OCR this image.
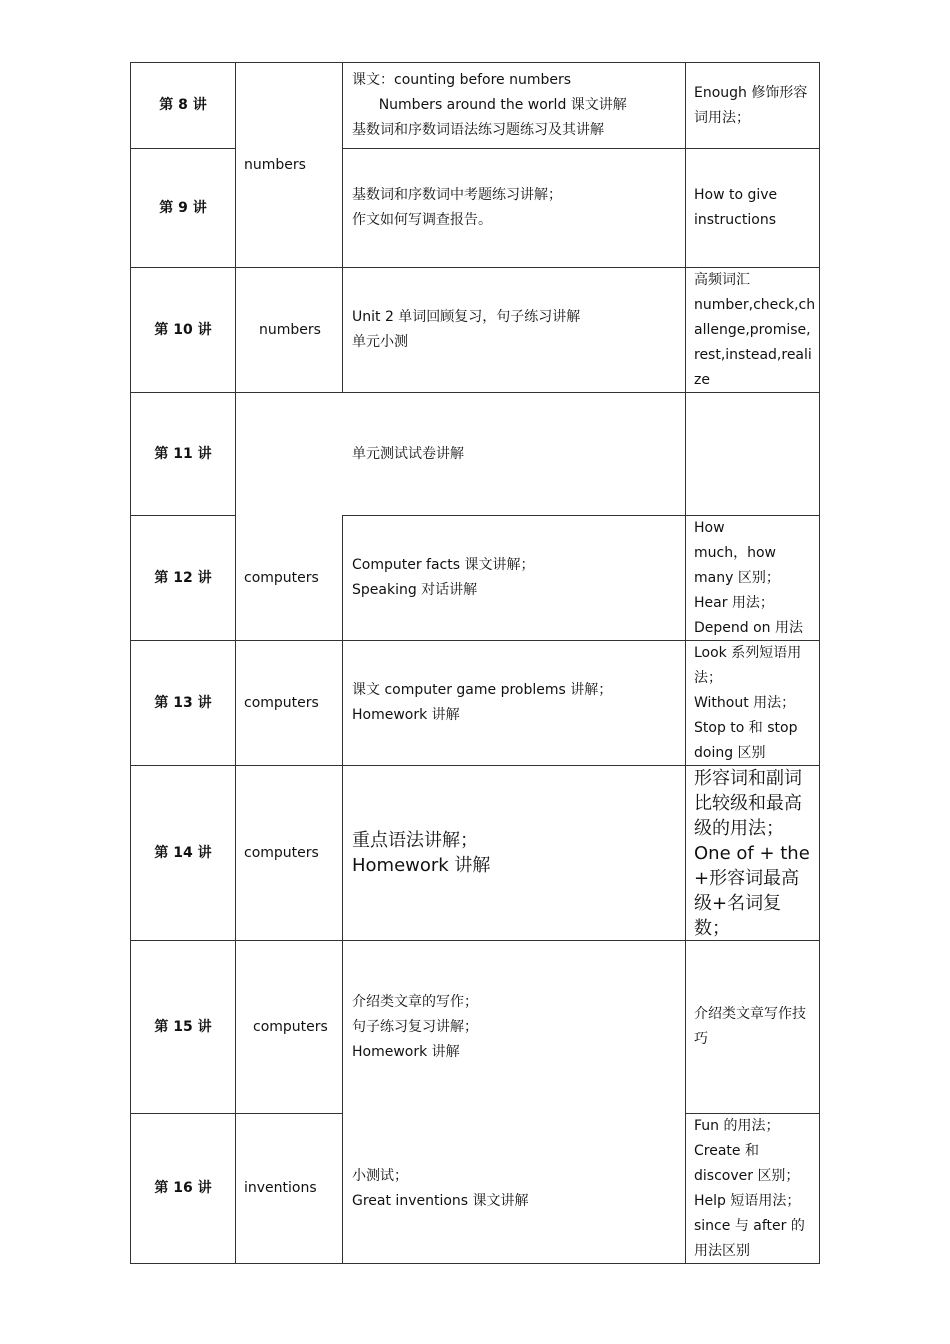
第 8 讲
第 9 讲
第 10 讲
第 11 讲
第 12 讲
第 13 讲
第 14 讲
第 15 讲
第 16 讲
numbers
numbers
computers
computers
computers
computers
inventions
课文：counting before numbers
Numbers around the world 课文讲解
基数词和序数词语法练习题练习及其讲解
基数词和序数词中考题练习讲解；
作文如何写调查报告。
Unit 2 单词回顾复习，句子练习讲解
单元小测
单元测试试卷讲解
Computer facts 课文讲解；
Speaking 对话讲解
课文 computer game problems 讲解；
Homework 讲解
重点语法讲解；
Homework 讲解
介绍类文章的写作；
句子练习复习讲解；
Homework 讲解
小测试；
Great inventions 课文讲解
Enough 修饰形容
词用法；
How to give
instructions
高频词汇
number,check,ch
allenge,promise,
rest,instead,reali
ze
How
much，how
many 区别；
Hear 用法；
Depend on 用法
Look 系列短语用
法；
Without 用法；
Stop to 和 stop
doing 区别
形容词和副词
比较级和最高
级的用法；
One of + the
+形容词最高
级+名词复
数；
介绍类文章写作技
巧
Fun 的用法；
Create 和
discover 区别；
Help 短语用法；
since 与 after 的
用法区别
